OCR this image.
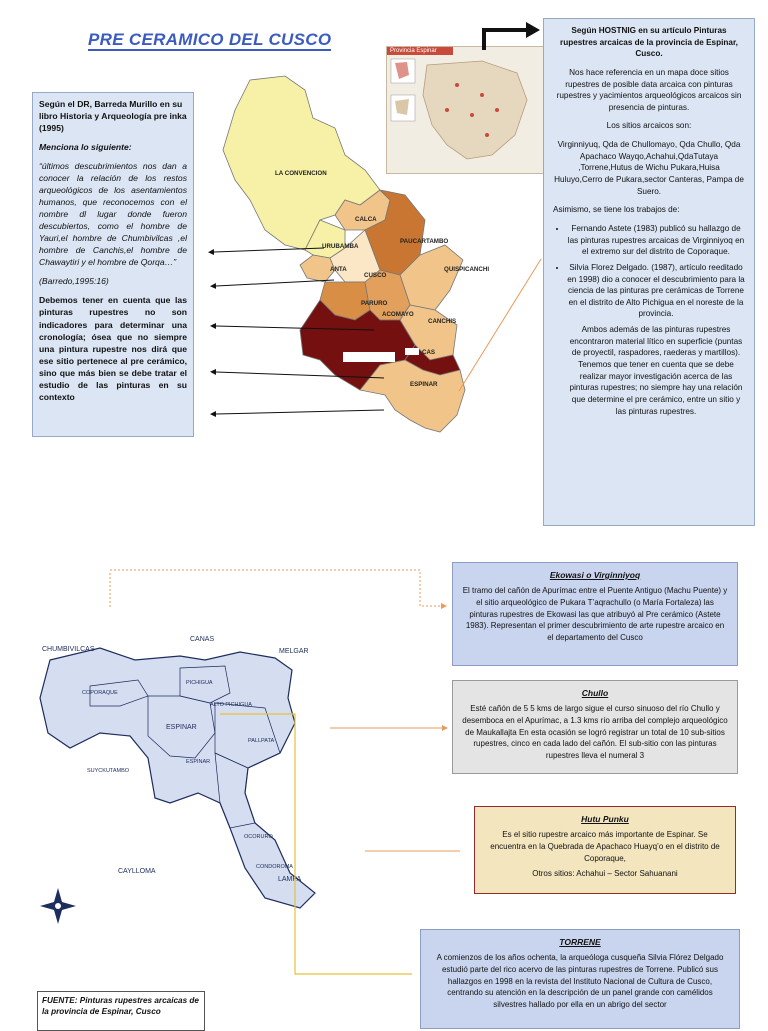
PRE CERAMICO DEL CUSCO

Según el DR, Barreda Murillo en su libro Historia y Arqueología pre inka (1995)

Menciona lo siguiente:

“últimos descubrimientos nos dan a conocer la relación de los restos arqueológicos de los asentamientos humanos, que reconocemos con el nombre dl lugar donde fueron descubiertos, como el hombre de Yauri,el hombre de Chumbivilcas ,el hombre de Canchis,el hombre de Chawaytiri y el hombre de Qorqa…”

(Barredo,1995:16)

Debemos tener en cuenta que las pinturas rupestres no son indicadores para determinar una cronología; ósea que no siempre una pintura rupestre nos dirá que ese sitio pertenece al pre cerámico, sino que más bien se debe tratar el estudio de las pinturas en su contexto

LA CONVENCION
CALCA
PAUCARTAMBO
URUBAMBA
QUISPICANCHI
ANTA
CUSCO
PARURO
ACOMAYO
CANCHIS
CAS
ESPINAR
Provincia Espinar

Según HOSTNIG en su artículo Pinturas rupestres arcaicas de la provincia de Espinar, Cusco.

Nos hace referencia en un mapa doce sitios rupestres de posible data arcaica con pinturas rupestres y yacimientos arqueológicos arcaicos sin presencia de pinturas.

Los sitios arcaicos son:

Virginniyuq, Qda de Chullomayo, Qda Chullo, Qda Apachaco Wayqo,Achahui,QdaTutaya ,Torrene,Hutus de Wichu Pukara,Huisa Huluyo,Cerro de Pukara,sector Canteras, Pampa de Suero.

Asimismo, se tiene los trabajos de:

• Fernando Astete (1983) publicó su hallazgo de las pinturas rupestres arcaicas de Virginniyoq en el extremo sur del distrito de Coporaque.
• Silvia Florez Delgado. (1987), artículo reeditado en 1998) dio a conocer el descubrimiento para la ciencia de las pinturas pre cerámicas de Torrene en el distrito de Alto Pichigua en el noreste de la provincia.

Ambos además de las pinturas rupestres encontraron material lítico en superficie (puntas de proyectil, raspadores, raederas y martillos). Tenemos que tener en cuenta que se debe realizar mayor investigación acerca de las pinturas rupestres; no siempre hay una relación que determine el pre cerámico, entre un sitio y las pinturas rupestres.

CANAS
CHUMBIVILCAS	MELGAR
COPORAQUE
PICHIGUA
ALTO PICHIGUA
ESPINAR
PALLPATA
ESPINAR
SUYCKUTAMBO
OCORURO
CONDOROMA
CAYLLOMA
LAMPA
Ekowasi o Virginniyoq

El tramo del cañón de Apurímac entre el Puente Antiguo (Machu Puente) y el sitio arqueológico de Pukara T’aqrachullo (o María Fortaleza) las pinturas rupestres de Ekowasi las que atribuyó al Pre cerámico (Astete 1983). Representan el primer descubrimiento de arte rupestre arcaico en el departamento del Cusco

Chullo

Esté cañón de 5 5 kms de largo sigue el curso sinuoso del río Chullo y desemboca en el Apurímac, a 1.3 kms río arriba del complejo arqueológico de Maukallajta En esta ocasión se logró registrar un total de 10 sub-sitios rupestres, cinco en cada lado del cañón. El sub-sitio con las pinturas rupestres lleva el numeral 3

Hutu Punku

Es el sitio rupestre arcaico más importante de Espinar. Se encuentra en la Quebrada de Apachaco Huayq’o en el distrito de Coporaque,

Otros sitios: Achahui – Sector Sahuanani

TORRENE

A comienzos de los años ochenta, la arqueóloga cusqueña Silvia Flórez Delgado estudió parte del rico acervo de las pinturas rupestres de Torrene. Publicó sus hallazgos en 1998 en la revista del Instituto Nacional de Cultura de Cusco, centrando su atención en la descripción de un panel grande con camélidos silvestres hallado por ella en un abrigo del sector

FUENTE: Pinturas rupestres arcaicas de la provincia de Espinar, Cusco
